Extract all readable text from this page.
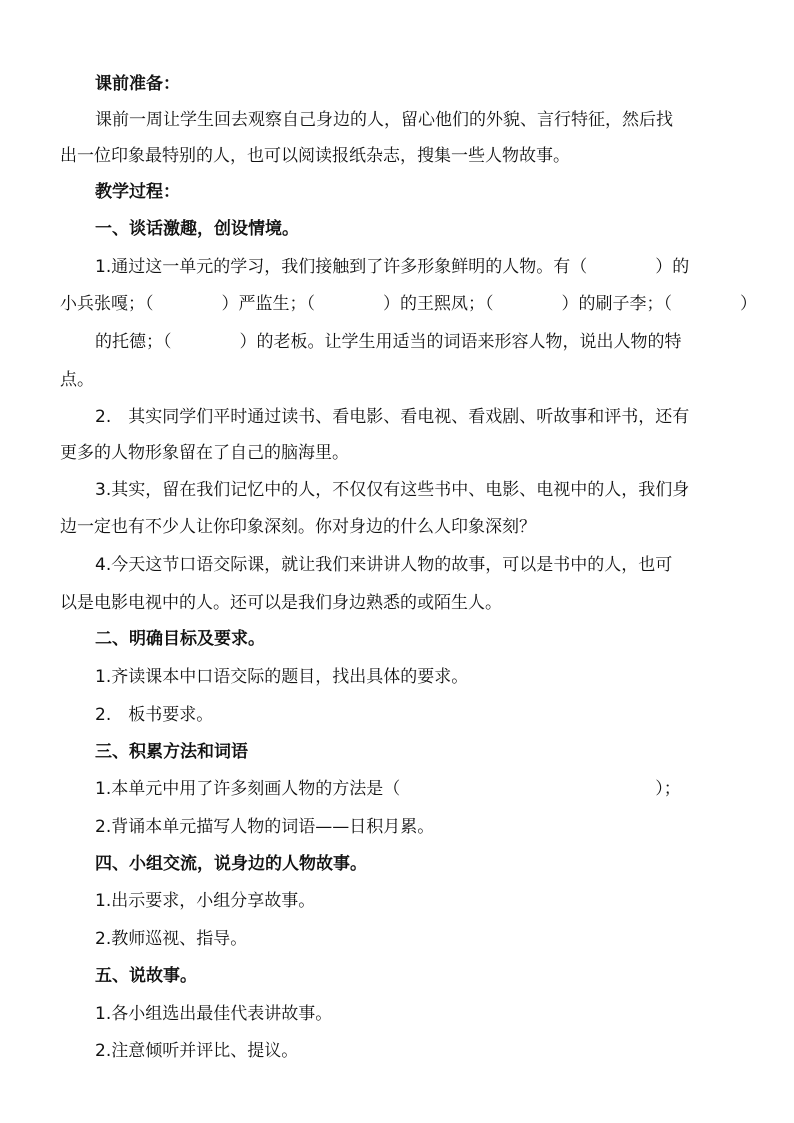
课前准备：
课前一周让学生回去观察自己身边的人，留心他们的外貌、言行特征，然后找
出一位印象最特别的人，也可以阅读报纸杂志，搜集一些人物故事。
教学过程：
一、谈话激趣，创设情境。
1.通过这一单元的学习，我们接触到了许多形象鲜明的人物。有（　　　　）的
小兵张嘎；（　　　　）严监生；（　　　　）的王熙凤；（　　　　）的刷子李；（　　　　）
的托德；（　　　　）的老板。让学生用适当的词语来形容人物，说出人物的特
点。
2.　其实同学们平时通过读书、看电影、看电视、看戏剧、听故事和评书，还有
更多的人物形象留在了自己的脑海里。
3.其实，留在我们记忆中的人，不仅仅有这些书中、电影、电视中的人，我们身
边一定也有不少人让你印象深刻。你对身边的什么人印象深刻？
4.今天这节口语交际课，就让我们来讲讲人物的故事，可以是书中的人，也可
以是电影电视中的人。还可以是我们身边熟悉的或陌生人。
二、明确目标及要求。
1.齐读课本中口语交际的题目，找出具体的要求。
2.　板书要求。
三、积累方法和词语
1.本单元中用了许多刻画人物的方法是（　　　　　　　　　　　　　　　）；
2.背诵本单元描写人物的词语——日积月累。
四、小组交流，说身边的人物故事。
1.出示要求，小组分享故事。
2.教师巡视、指导。
五、说故事。
1.各小组选出最佳代表讲故事。
2.注意倾听并评比、提议。
